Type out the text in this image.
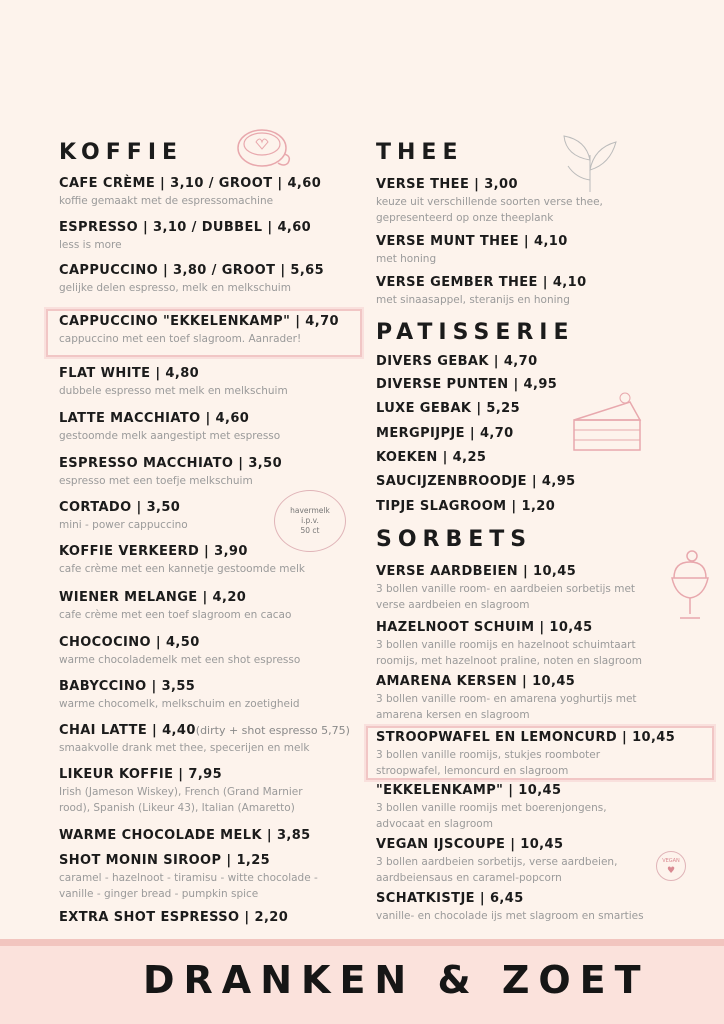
havermelk
i.p.v.
50 ct
VEGAN
♥
KOFFIE
CAFE CRÈME | 3,10 / GROOT | 4,60
koffie gemaakt met de espressomachine
ESPRESSO | 3,10 / DUBBEL | 4,60
less is more
CAPPUCCINO | 3,80 / GROOT | 5,65
gelijke delen espresso, melk en melkschuim
CAPPUCCINO "EKKELENKAMP" | 4,70
cappuccino met een toef slagroom. Aanrader!
FLAT WHITE | 4,80
dubbele espresso met melk en melkschuim
LATTE MACCHIATO | 4,60
gestoomde melk aangestipt met espresso
ESPRESSO MACCHIATO | 3,50
espresso met een toefje melkschuim
CORTADO | 3,50
mini - power cappuccino
KOFFIE VERKEERD | 3,90
cafe crème met een kannetje gestoomde melk
WIENER MELANGE | 4,20
cafe crème met een toef slagroom en cacao
CHOCOCINO | 4,50
warme chocolademelk met een shot espresso
BABYCCINO | 3,55
warme chocomelk, melkschuim en zoetigheid
CHAI LATTE | 4,40(dirty + shot espresso 5,75)
smaakvolle drank met thee, specerijen en melk
LIKEUR KOFFIE | 7,95
Irish (Jameson Wiskey), French (Grand Marnier
rood), Spanish (Likeur 43), Italian (Amaretto)
WARME CHOCOLADE MELK | 3,85
SHOT MONIN SIROOP | 1,25
caramel - hazelnoot - tiramisu - witte chocolade -
vanille - ginger bread - pumpkin spice
EXTRA SHOT ESPRESSO | 2,20
THEE
VERSE THEE | 3,00
keuze uit verschillende soorten verse thee,
gepresenteerd op onze theeplank
VERSE MUNT THEE | 4,10
met honing
VERSE GEMBER THEE | 4,10
met sinaasappel, steranijs en honing
PATISSERIE
DIVERS GEBAK | 4,70
DIVERSE PUNTEN | 4,95
LUXE GEBAK | 5,25
MERGPIJPJE | 4,70
KOEKEN | 4,25
SAUCIJZENBROODJE | 4,95
TIPJE SLAGROOM | 1,20
SORBETS
VERSE AARDBEIEN | 10,45
3 bollen vanille room- en aardbeien sorbetijs met
verse aardbeien en slagroom
HAZELNOOT SCHUIM | 10,45
3 bollen vanille roomijs en hazelnoot schuimtaart
roomijs, met hazelnoot praline, noten en slagroom
AMARENA KERSEN | 10,45
3 bollen vanille room- en amarena yoghurtijs met
amarena kersen en slagroom
STROOPWAFEL EN LEMONCURD | 10,45
3 bollen vanille roomijs, stukjes roomboter
stroopwafel, lemoncurd en slagroom
"EKKELENKAMP" | 10,45
3 bollen vanille roomijs met boerenjongens,
advocaat en slagroom
VEGAN IJSCOUPE | 10,45
3 bollen aardbeien sorbetijs, verse aardbeien,
aardbeiensaus en caramel-popcorn
SCHATKISTJE | 6,45
vanille- en chocolade ijs met slagroom en smarties
DRANKEN & ZOET
